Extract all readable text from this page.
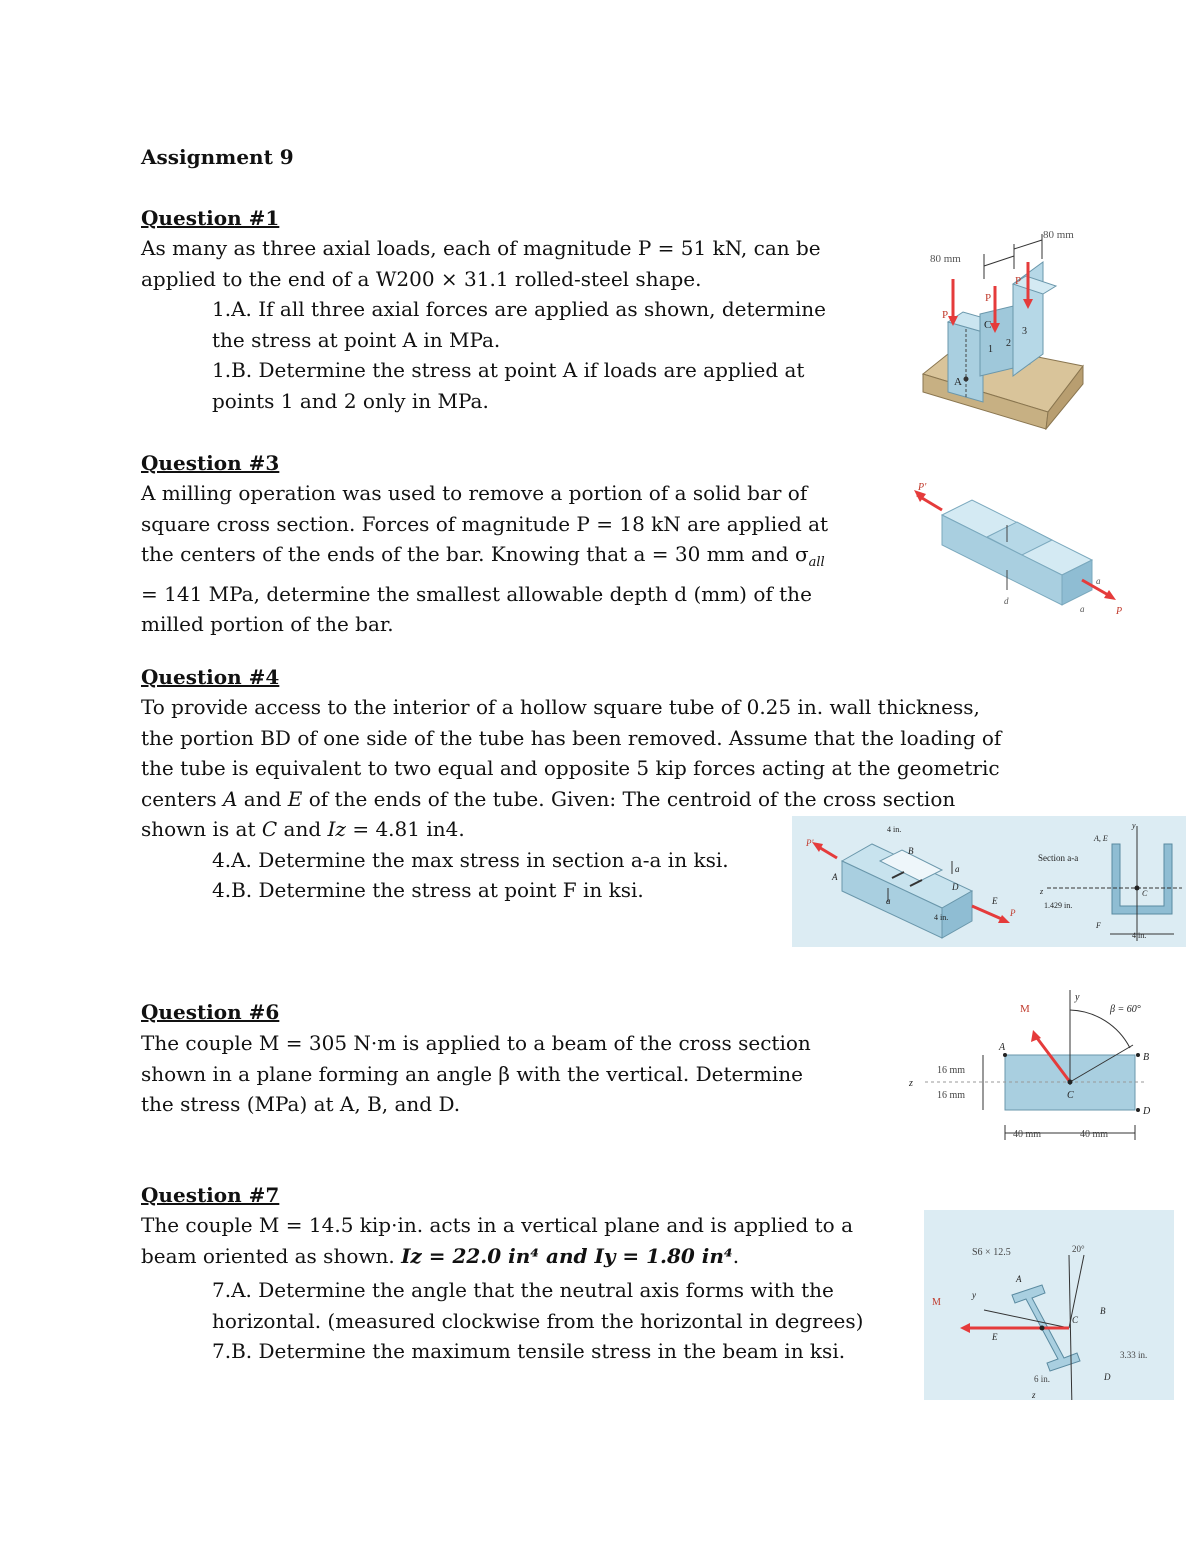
Assignment 9
Question #1
As many as three axial loads, each of magnitude P = 51 kN, can be
applied to the end of a W200 × 31.1 rolled-steel shape.
1.A. If all three axial forces are applied as shown, determine
the stress at point A in MPa.
1.B. Determine the stress at point A if loads are applied at
points 1 and 2 only in MPa.
80 mm
80 mm
P
P
P
A
C
1
2
3
Question #3
A milling operation was used to remove a portion of a solid bar of
square cross section. Forces of magnitude P = 18 kN are applied at
the centers of the ends of the bar. Knowing that a = 30 mm and $\sigma_{all}$
= 141 MPa, determine the smallest allowable depth d (mm) of the
milled portion of the bar.
P'
P
a
a
d
Question #4
To provide access to the interior of a hollow square tube of 0.25 in. wall thickness,
the portion BD of one side of the tube has been removed. Assume that the loading of
the tube is equivalent to two equal and opposite 5 kip forces acting at the geometric
centers A and E of the ends of the tube. Given: The centroid of the cross section
shown is at C and Iz = 4.81 in4.
4.A. Determine the max stress in section a-a in ksi.
4.B. Determine the stress at point F in ksi.
P'
P
A
B
D
E
a
a
4 in.
4 in.
Section a-a
A, E
y
z	C
1.429 in.
F
4 in.
Question #6
The couple M = 305 N·m is applied to a beam of the cross section
shown in a plane forming an angle β with the vertical. Determine
the stress (MPa) at A, B, and D.
M
y
β = 60°
A
B
C
D
z
16 mm
16 mm
40 mm	40 mm
Question #7
The couple M = 14.5 kip·in. acts in a vertical plane and is applied to a
beam oriented as shown. Iz = 22.0 in⁴ and Iy = 1.80 in⁴.
7.A. Determine the angle that the neutral axis forms with the
horizontal. (measured clockwise from the horizontal in degrees)
7.B. Determine the maximum tensile stress in the beam in ksi.
S6 × 12.5	20°
M
y
A
B
C
D
E
z
6 in.
3.33 in.
